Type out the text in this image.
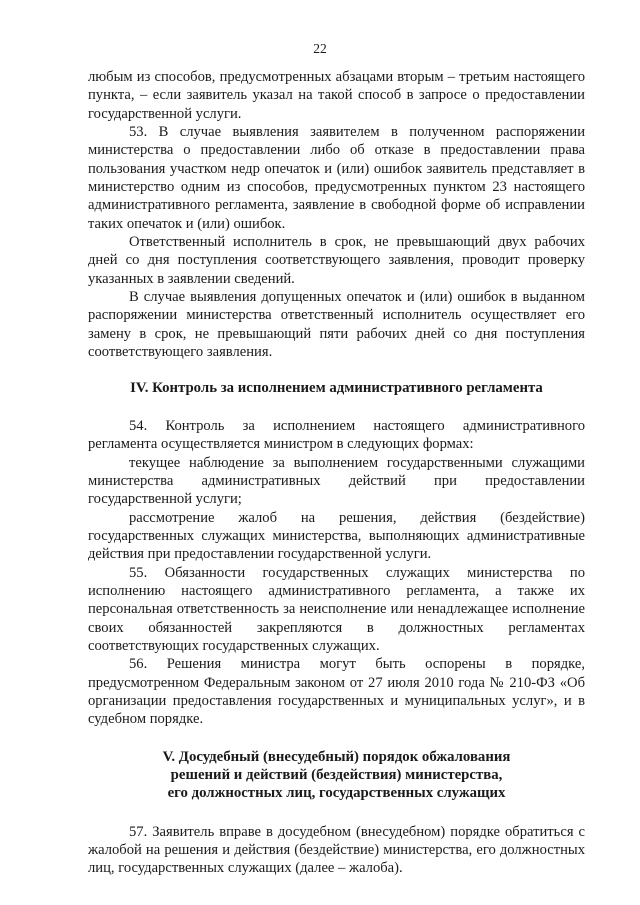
22

любым из способов, предусмотренных абзацами вторым – третьим настоящего пункта, – если заявитель указал на такой способ в запросе о предоставлении государственной услуги.

53. В случае выявления заявителем в полученном распоряжении министерства о предоставлении либо об отказе в предоставлении права пользования участком недр опечаток и (или) ошибок заявитель представляет в министерство одним из способов, предусмотренных пунктом 23 настоящего административного регламента, заявление в свободной форме об исправлении таких опечаток и (или) ошибок.

Ответственный исполнитель в срок, не превышающий двух рабочих дней со дня поступления соответствующего заявления, проводит проверку указанных в заявлении сведений.

В случае выявления допущенных опечаток и (или) ошибок в выданном распоряжении министерства ответственный исполнитель осуществляет его замену в срок, не превышающий пяти рабочих дней со дня поступления соответствующего заявления.

IV. Контроль за исполнением административного регламента

54. Контроль за исполнением настоящего административного регламента осуществляется министром в следующих формах:

текущее наблюдение за выполнением государственными служащими министерства административных действий при предоставлении государственной услуги;

рассмотрение жалоб на решения, действия (бездействие) государственных служащих министерства, выполняющих административные действия при предоставлении государственной услуги.

55. Обязанности государственных служащих министерства по исполнению настоящего административного регламента, а также их персональная ответственность за неисполнение или ненадлежащее исполнение своих обязанностей закрепляются в должностных регламентах соответствующих государственных служащих.

56. Решения министра могут быть оспорены в порядке, предусмотренном Федеральным законом от 27 июля 2010 года № 210-ФЗ «Об организации предоставления государственных и муниципальных услуг», и в судебном порядке.

V. Досудебный (внесудебный) порядок обжалования
решений и действий (бездействия) министерства,
его должностных лиц, государственных служащих

57. Заявитель вправе в досудебном (внесудебном) порядке обратиться с жалобой на решения и действия (бездействие) министерства, его должностных лиц, государственных служащих (далее – жалоба).
